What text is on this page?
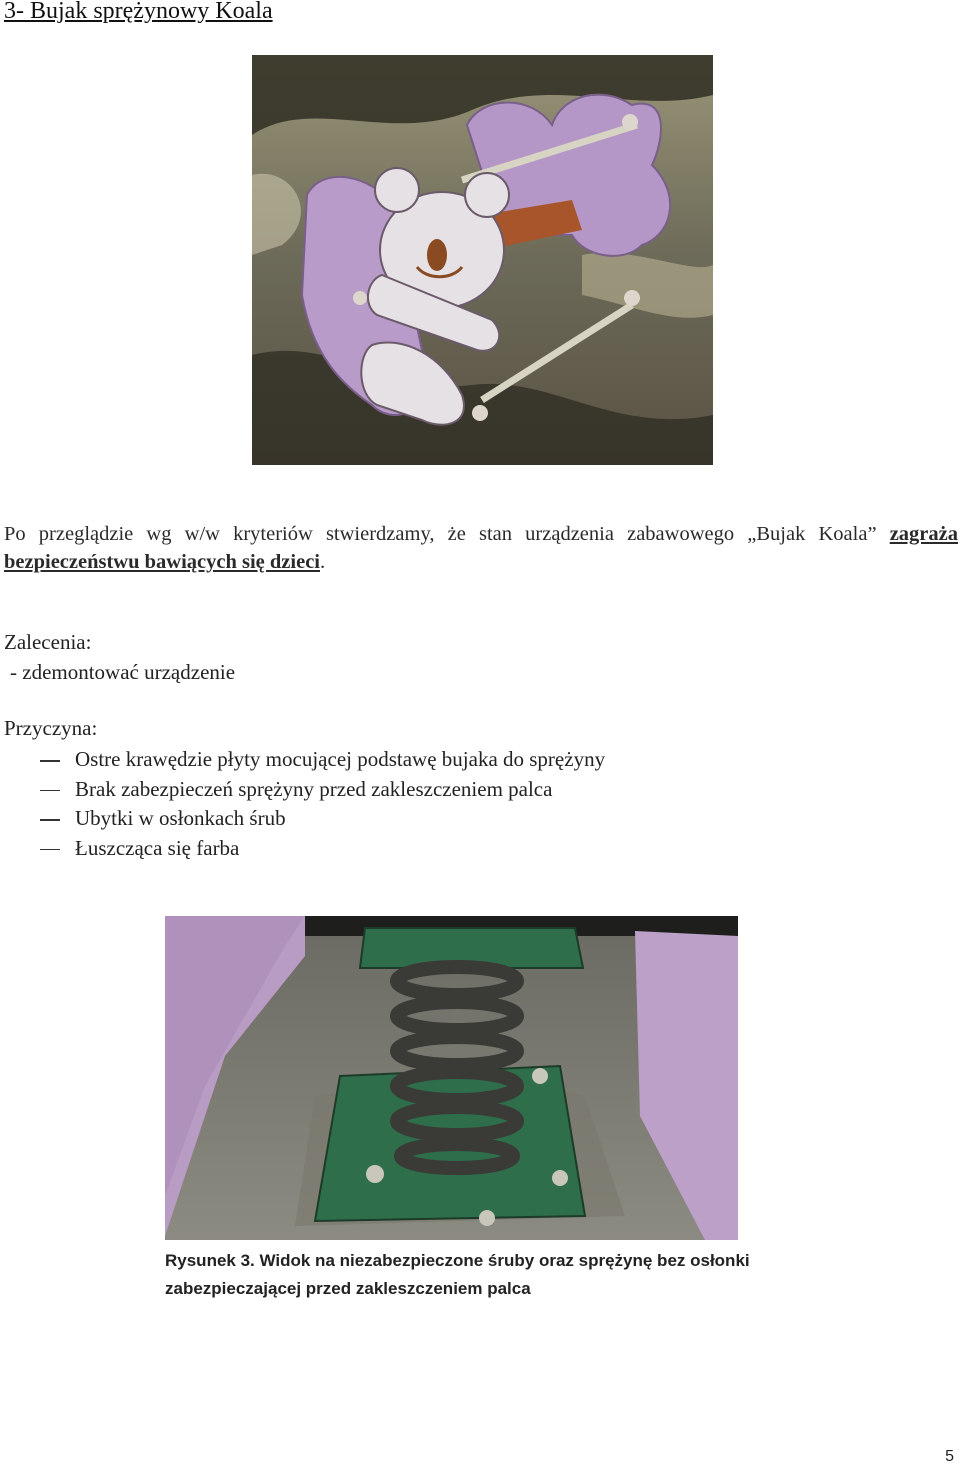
3- Bujak sprężynowy Koala

Po przeglądzie wg w/w kryteriów stwierdzamy, że stan urządzenia zabawowego „Bujak Koala” zagraża bezpieczeństwu bawiących się dzieci.

Zalecenia:
- zdemontować urządzenie
Przyczyna:
Ostre krawędzie płyty mocującej podstawę bujaka do sprężyny
Brak zabezpieczeń sprężyny przed zakleszczeniem palca
Ubytki w osłonkach śrub
Łuszcząca się farba

Rysunek 3. Widok na niezabezpieczone śruby oraz sprężynę bez osłonki zabezpieczającej przed zakleszczeniem palca

5
